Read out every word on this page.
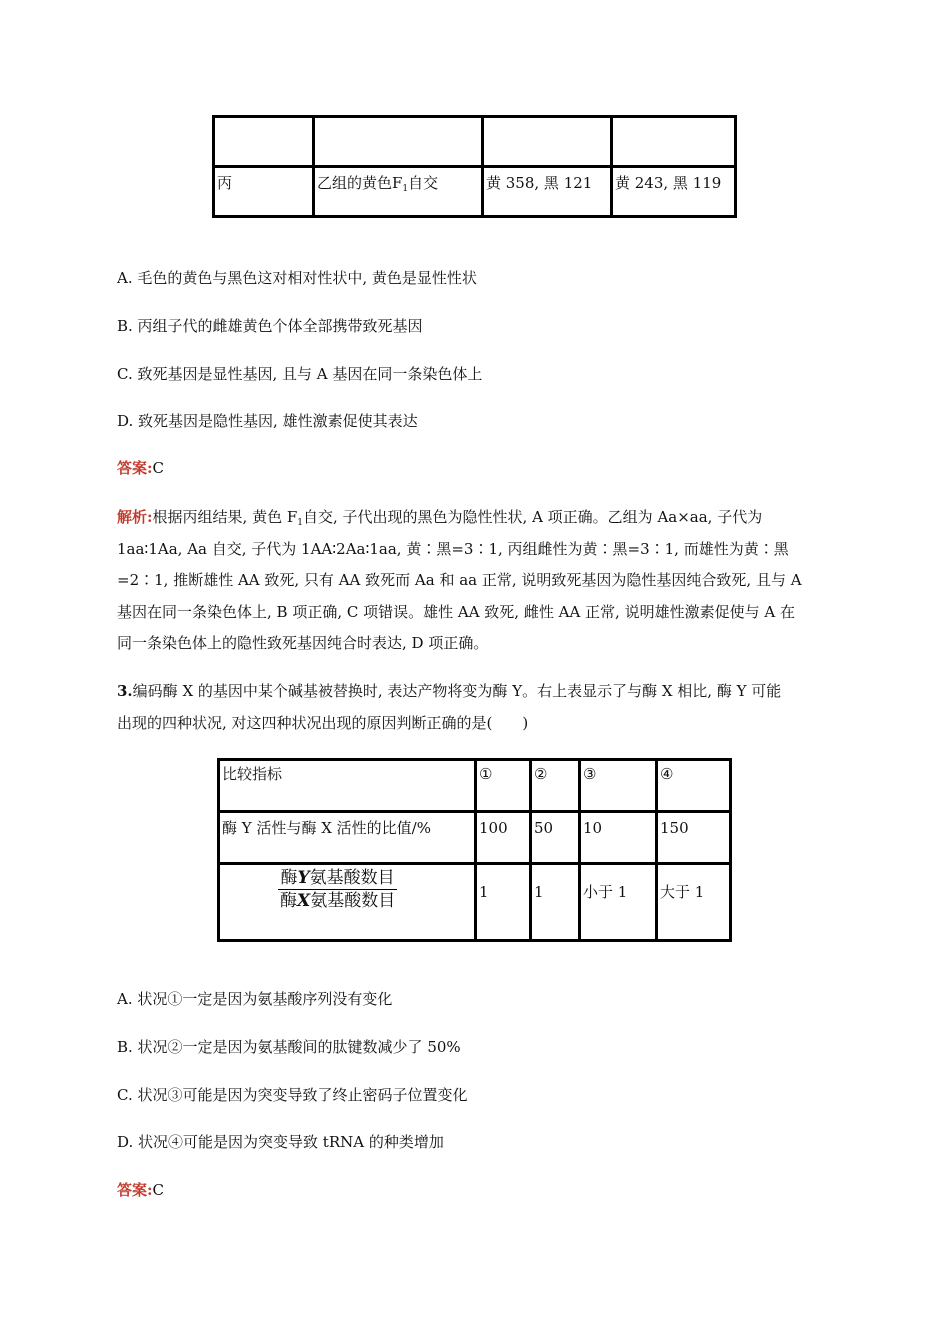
丙	乙组的黄色$F_1$自交	黄 358, 黑 121	黄 243, 黑 119
A. 毛色的黄色与黑色这对相对性状中, 黄色是显性性状
B. 丙组子代的雌雄黄色个体全部携带致死基因
C. 致死基因是显性基因, 且与 A 基因在同一条染色体上
D. 致死基因是隐性基因, 雄性激素促使其表达
答案:C
解析:根据丙组结果, 黄色 $F_1$自交, 子代出现的黑色为隐性性状, A 项正确。乙组为 Aa×aa, 子代为
1aa∶1Aa, Aa 自交, 子代为 1AA∶2Aa∶1aa, 黄∶黑=3∶1, 丙组雌性为黄∶黑=3∶1, 而雄性为黄∶黑
=2∶1, 推断雄性 AA 致死, 只有 AA 致死而 Aa 和 aa 正常, 说明致死基因为隐性基因纯合致死, 且与 A
基因在同一条染色体上, B 项正确, C 项错误。雄性 AA 致死, 雌性 AA 正常, 说明雄性激素促使与 A 在
同一条染色体上的隐性致死基因纯合时表达, D 项正确。
3.编码酶 X 的基因中某个碱基被替换时, 表达产物将变为酶 Y。右上表显示了与酶 X 相比, 酶 Y 可能
出现的四种状况, 对这四种状况出现的原因判断正确的是(　　)
比较指标	①	②	③	④
酶 Y 活性与酶 X 活性的比值/%	100	50	10	150

$\frac{\text{酶Y氨基酸数目}}{\text{酶X氨基酸数目}}$	1	1	小于 1	大于 1
A. 状况①一定是因为氨基酸序列没有变化
B. 状况②一定是因为氨基酸间的肽键数减少了 50%
C. 状况③可能是因为突变导致了终止密码子位置变化
D. 状况④可能是因为突变导致 tRNA 的种类增加
答案:C
